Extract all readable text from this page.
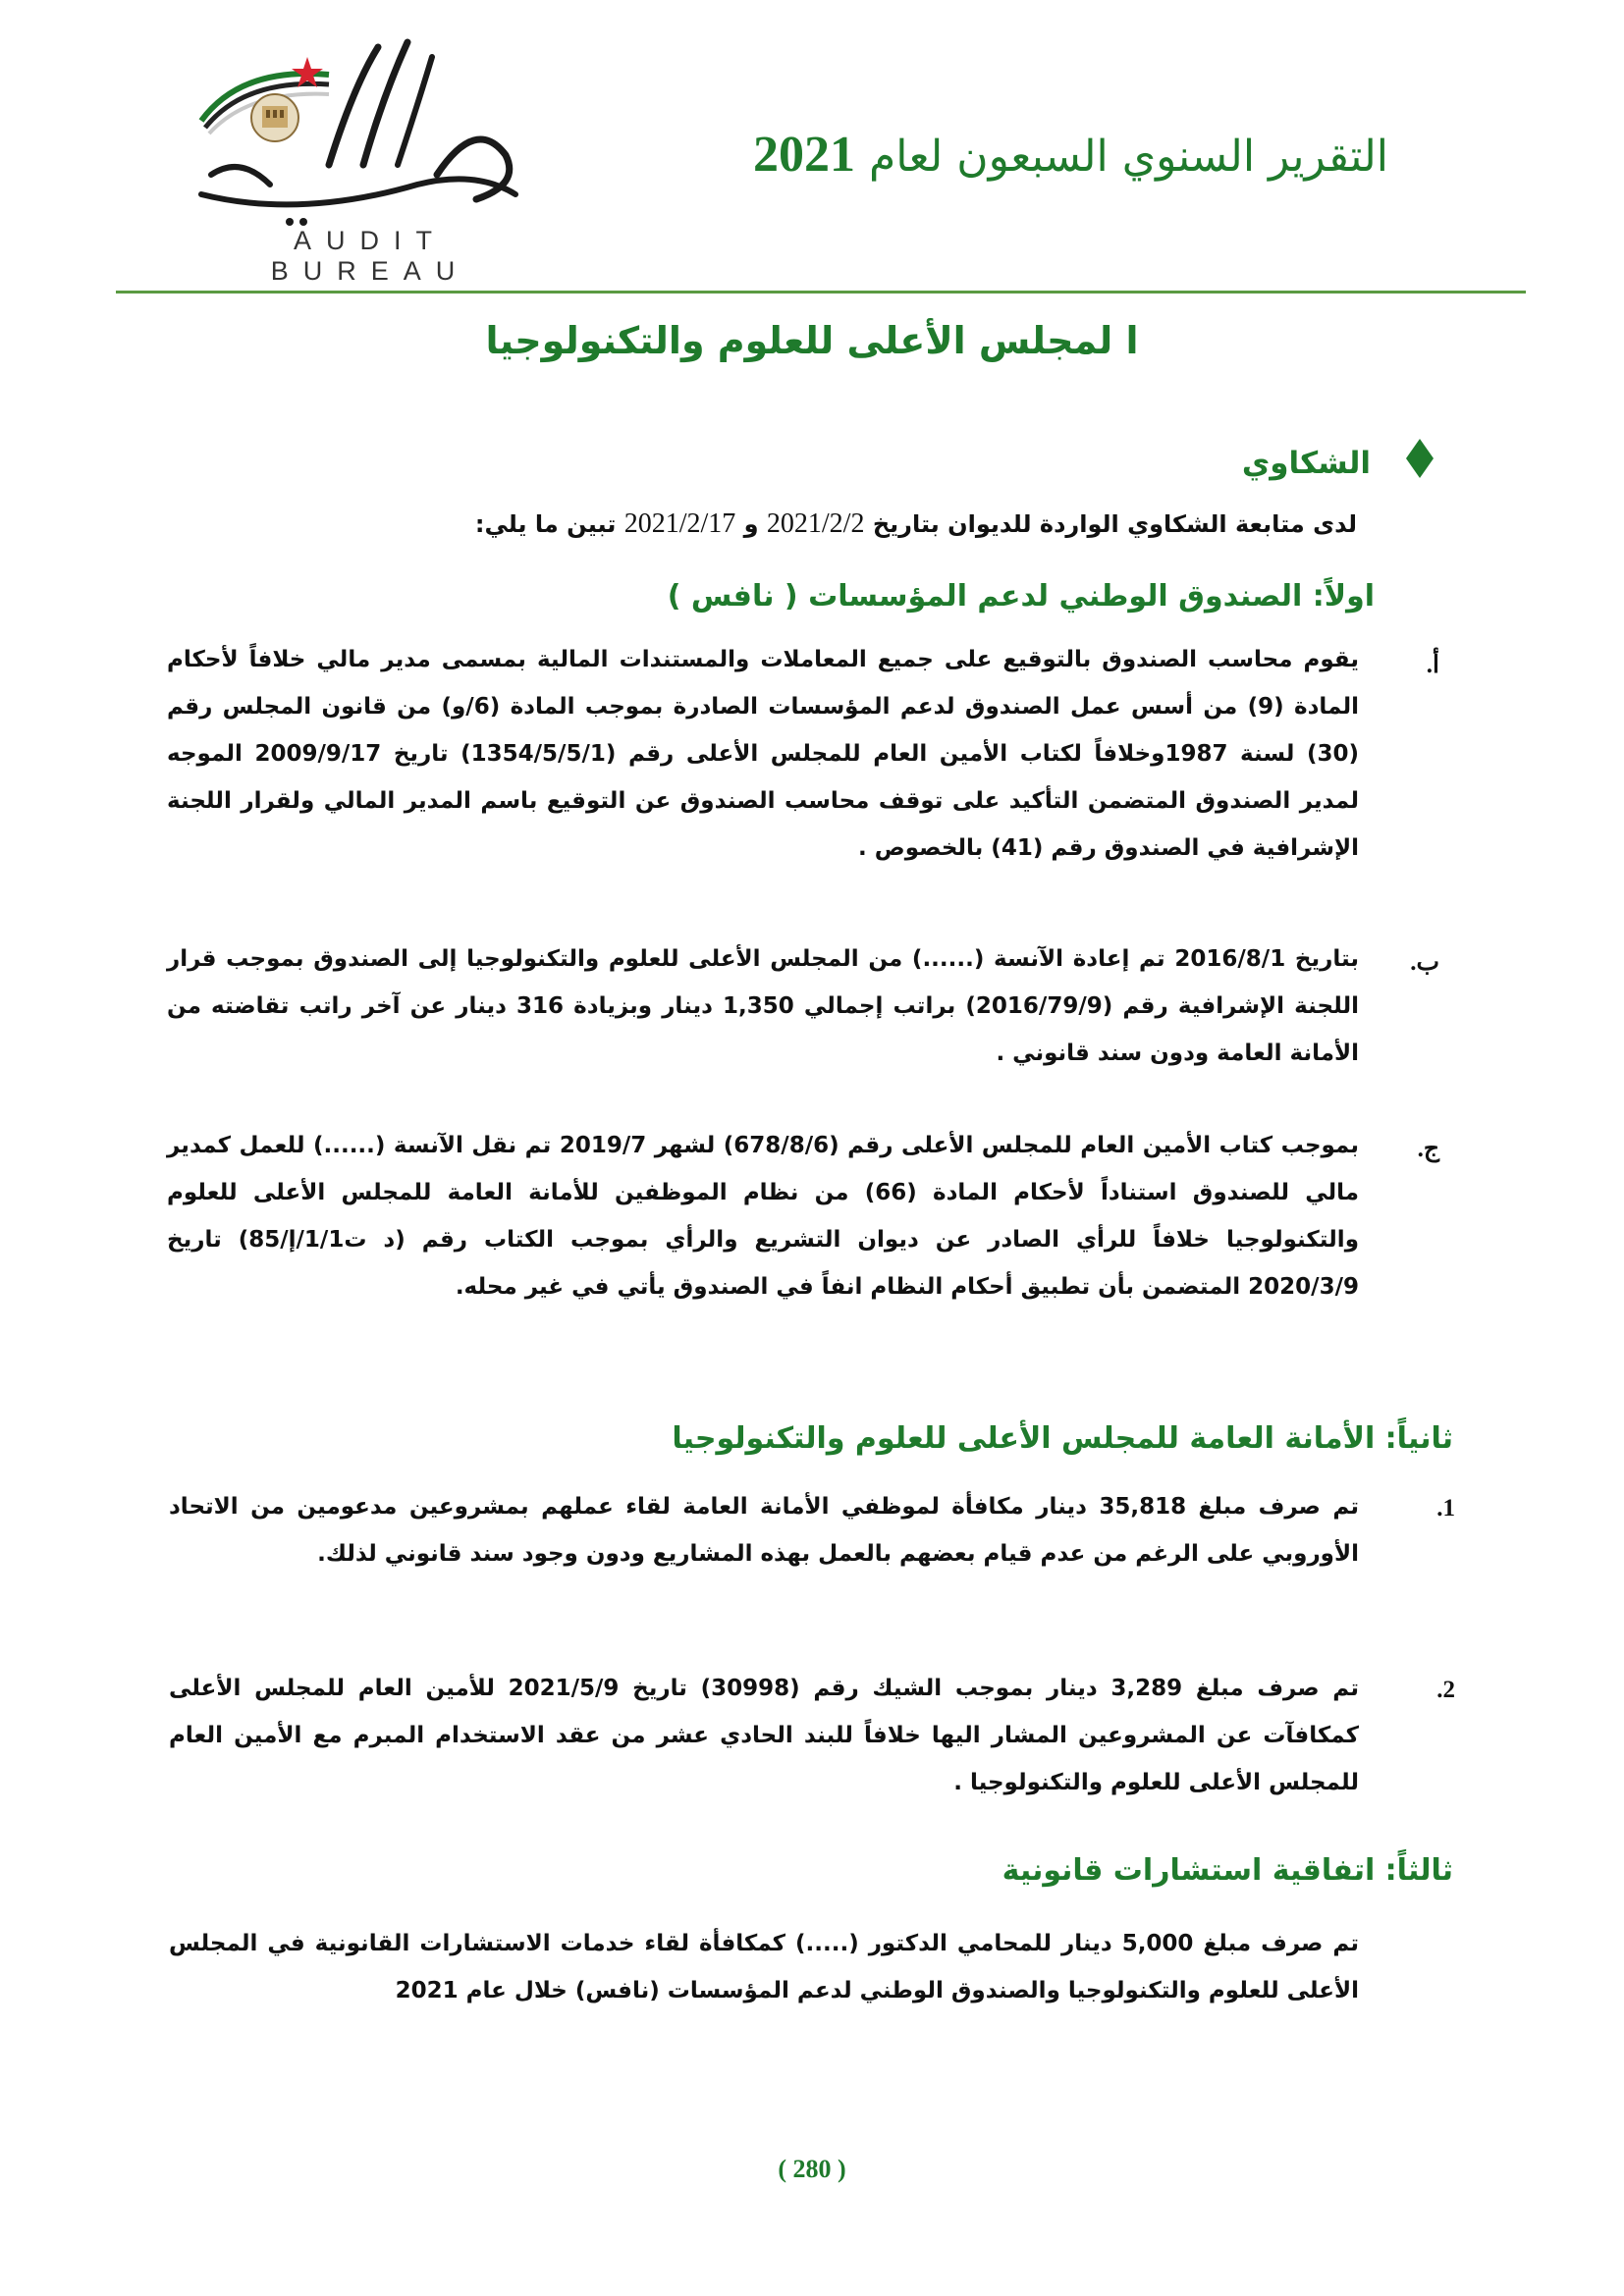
AUDIT BUREAU
التقرير السنوي السبعون لعام 2021
ا لمجلس الأعلى للعلوم والتكنولوجيا
الشكاوي
لدى متابعة الشكاوي الواردة للديوان بتاريخ 2021/2/2 و 2021/2/17 تبين ما يلي:
اولاً: الصندوق الوطني لدعم المؤسسات ( نافس )
أ.
يقوم محاسب الصندوق بالتوقيع على جميع المعاملات والمستندات المالية بمسمى مدير مالي خلافاً لأحكام المادة (9) من أسس عمل الصندوق لدعم المؤسسات الصادرة بموجب المادة (6/و) من قانون المجلس رقم (30) لسنة 1987وخلافاً لكتاب الأمين العام للمجلس الأعلى رقم (1354/5/5/1) تاريخ 2009/9/17 الموجه لمدير الصندوق المتضمن التأكيد على توقف محاسب الصندوق عن التوقيع باسم المدير المالي ولقرار اللجنة الإشرافية في الصندوق رقم (41) بالخصوص .
ب.
بتاريخ 2016/8/1 تم إعادة الآنسة (......) من المجلس الأعلى للعلوم والتكنولوجيا إلى الصندوق بموجب قرار اللجنة الإشرافية رقم (2016/79/9) براتب إجمالي 1,350 دينار وبزيادة 316 دينار عن آخر راتب تقاضته من الأمانة العامة ودون سند قانوني .
ج.
بموجب كتاب الأمين العام للمجلس الأعلى رقم (678/8/6) لشهر 2019/7 تم نقل الآنسة (......) للعمل كمدير مالي للصندوق استناداً لأحكام المادة (66) من نظام الموظفين للأمانة العامة للمجلس الأعلى للعلوم والتكنولوجيا خلافاً للرأي الصادر عن ديوان التشريع والرأي بموجب الكتاب رقم (د ت1/1/إ/85) تاريخ 2020/3/9 المتضمن بأن تطبيق أحكام النظام انفاً في الصندوق يأتي في غير محله.
ثانياً: الأمانة العامة للمجلس الأعلى للعلوم والتكنولوجيا
1.
تم صرف مبلغ 35,818 دينار مكافأة لموظفي الأمانة العامة لقاء عملهم بمشروعين مدعومين من الاتحاد الأوروبي على الرغم من عدم قيام بعضهم بالعمل بهذه المشاريع ودون وجود سند قانوني لذلك.
2.
تم صرف مبلغ 3,289 دينار بموجب الشيك رقم (30998) تاريخ 2021/5/9 للأمين العام للمجلس الأعلى كمكافآت عن المشروعين المشار اليها خلافاً للبند الحادي عشر من عقد الاستخدام المبرم مع الأمين العام للمجلس الأعلى للعلوم والتكنولوجيا .
ثالثاً: اتفاقية استشارات قانونية
تم صرف مبلغ 5,000 دينار للمحامي الدكتور (.....) كمكافأة لقاء خدمات الاستشارات القانونية في المجلس الأعلى للعلوم والتكنولوجيا والصندوق الوطني لدعم المؤسسات (نافس) خلال عام 2021
( 280 )
